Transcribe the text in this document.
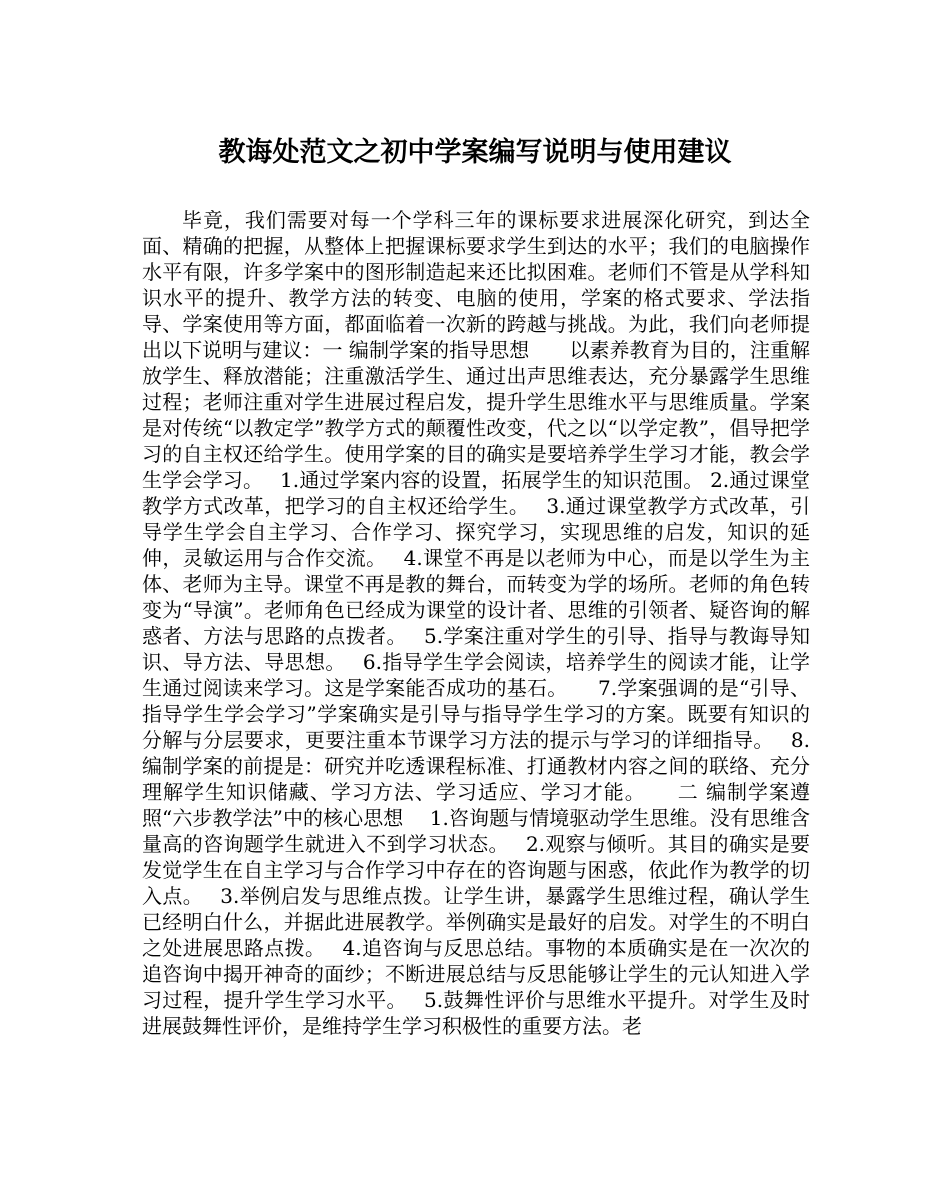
教诲处范文之初中学案编写说明与使用建议

毕竟，我们需要对每一个学科三年的课标要求进展深化研究，到达全面、精确的把握，从整体上把握课标要求学生到达的水平；我们的电脑操作水平有限，许多学案中的图形制造起来还比拟困难。老师们不管是从学科知识水平的提升、教学方法的转变、电脑的使用，学案的格式要求、学法指导、学案使用等方面，都面临着一次新的跨越与挑战。为此，我们向老师提出以下说明与建议：一 编制学案的指导思想　　以素养教育为目的，注重解放学生、释放潜能；注重激活学生、通过出声思维表达，充分暴露学生思维过程；老师注重对学生进展过程启发，提升学生思维水平与思维质量。学案是对传统“以教定学”教学方式的颠覆性改变，代之以“以学定教”，倡导把学习的自主权还给学生。使用学案的目的确实是要培养学生学习才能，教会学生学会学习。　 1.通过学案内容的设置，拓展学生的知识范围。 2.通过课堂教学方式改革，把学习的自主权还给学生。　 3.通过课堂教学方式改革，引导学生学会自主学习、合作学习、探究学习，实现思维的启发，知识的延伸，灵敏运用与合作交流。　 4.课堂不再是以老师为中心，而是以学生为主体、老师为主导。课堂不再是教的舞台，而转变为学的场所。老师的角色转变为“导演”。老师角色已经成为课堂的设计者、思维的引领者、疑咨询的解惑者、方法与思路的点拨者。　 5.学案注重对学生的引导、指导与教诲导知识、导方法、导思想。　 6.指导学生学会阅读，培养学生的阅读才能，让学生通过阅读来学习。这是学案能否成功的基石。　　7.学案强调的是“引导、指导学生学会学习”学案确实是引导与指导学生学习的方案。既要有知识的分解与分层要求，更要注重本节课学习方法的提示与学习的详细指导。　 8.编制学案的前提是：研究并吃透课程标准、打通教材内容之间的联络、充分理解学生知识储藏、学习方法、学习适应、学习才能。　　二 编制学案遵照“六步教学法”中的核心思想　 1.咨询题与情境驱动学生思维。没有思维含量高的咨询题学生就进入不到学习状态。　 2.观察与倾听。其目的确实是要发觉学生在自主学习与合作学习中存在的咨询题与困惑，依此作为教学的切入点。　 3.举例启发与思维点拨。让学生讲，暴露学生思维过程，确认学生已经明白什么，并据此进展教学。举例确实是最好的启发。对学生的不明白之处进展思路点拨。　 4.追咨询与反思总结。事物的本质确实是在一次次的追咨询中揭开神奇的面纱；不断进展总结与反思能够让学生的元认知进入学习过程，提升学生学习水平。　 5.鼓舞性评价与思维水平提升。对学生及时进展鼓舞性评价，是维持学生学习积极性的重要方法。老
